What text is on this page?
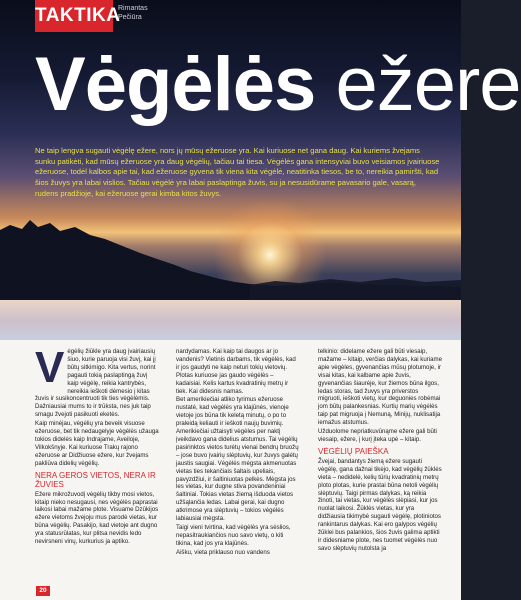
TAKTIKA
Rimantas
Pečiūra
Vėgėlės ežere
Ne taip lengva sugauti vėgėlę ežere, nors jų mūsų ežeruose yra. Kai kuriuose net gana daug. Kai kuriems žvejams sunku patikėti, kad mūsų ežeruose yra daug vėgėlių, tačiau tai tiesa. Vėgėlės gana intensyviai buvo veisiamos įvairiuose ežeruose, todėl kalbos apie tai, kad ežeruose gyvena tik viena kita vėgėlė, neatitinka tiesos, be to, nereikia pamiršti, kad šios žuvys yra labai vislios. Tačiau vėgėlė yra labai paslaptinga žuvis, su ja nesusidūrame pavasario gale, vasarą, rudens pradžioje, kai ežeruose gerai kimba kitos žuvys.

Vėgėlių žiūkle yra daug įvairiausių šiuo, kurie paruoja visi žuvį, kai jį būtų sitkimigo. Kita vertus, norint pagauti tokią paslaptingą žuvį kaip vėgėlę, reikia kantrybės, nereikia ieškoti dėmesio į kitas žuvis ir susikoncentruoti tik ties vėgėlėmis. Dažniausiai mums to ir trūksta, nes juk taip smagu žvejoti pasikuoti eketės.

Kaip minėjau, vėgėlių yra beveik visuose ežeruose, bet tik nedaugelyje vėgėlės užauga tokios didelės kaip Indrajame, Aveiloje, Vilkokšnyje. Kai kuriuose Trakų rajono ežeruose ar Didžiuose ežere, kur žvejams pakliūva didelių vėgėlių.

NERA GEROS VIETOS, NERA IR ŽUVIES

Ežere mikrožuvodį vėgėlių tikby mosi vietos, kitaip nieko nesugausi, nes vėgėlės paprastai laikosi labai mažame plote. Visuame Dzūkijos ežere vietoms žvejoju mus parodė vietas, kur būna vėgėlių. Pasakijo, kad vietoje ant dugno yra statusrūlatas, kur plitsa nevidis ledo nevirsneni vinų, kurkurius ja aptiko.

nardydamas. Kai kaip tai daugos ar jo vandenis? Vietinis darbams, tik vėgėlės, kad ir jos gaudyti ne kaip neturi tokių vietovių. Plotas kuriuose jas gaudo vėgėlės – kadaisiai. Kelis kartus kvadratinių metrų ir tiek. Kai didesnis namas.

Bet amerikiečiai atliko tyrimus ežeruose nustatė, kad vėgėlės yra klajūnės, vienoje vietoje jos būna tik keletą minutų, o po to praleidą keliauti ir ieškoti naujų buvimių. Amerikiečiai užtaisyti vėgėles per naktį įveikdavo gana didelius atstumus. Tai vėgėlių pasirinktos vietos turėtų vienai bendrų bruožų – jose buvo įvairių slėptuvių, kur žuvys galėtų jaustis saugiai. Vėgėlės mėgsta akmenuotas vietas ties tekančiais šaltais upeliais, pavyzdžiui, ir šaltiniuotas pelkės. Mėgsta jos les vietas, kur dugne stiva povandeniniai šaltiniai. Tokias vietas žiemą išduoda vietos užšąlančia ledas. Labai gerai, kai dugno atkrimose yra slėptuvių – tokios vėgėlės labiausiai mėgsta.

Taigi vieni tvirtina, kad vėgėlės yra sėslios, nepasitraukiančios nuo savo vietų, o kiti tikina, kad jos yra klajūnės.

Aišku, vieta priklauso nuo vandens

telkinio: didelame ežere gali būti viesaip, mažame – kitaip, verčias dalykas, kai kuriame apie vėgėles, gyvenančias mūsų plotumoje, ir visai kitas, kai kalbame apie žuvis, gyvenančias šiaurėje, kur žiemos būna ilgos, ledas storas, tad žuvys yra priverstos migruoti, ieškoti vietų, kur deguonies robėmai jom būtų palankesnias. Kurtių marių vėgėlės taip pat migruoja į Nemuną, Minijų, nuklisatija iemažus atstumus.

Užduolome nepriatkuvūnąme ežere gali būti viesaip, ežere, į kurį įteka upė – kitaip.

VĖGĖLIŲ PAIEŠKA

Žvejai, bandantys žiemą ežere sugauti vėgėlę, gana dažnai tikėjo, kad vėgėlių žūklės vieta – nedidelė, kelių tūrių kvadratinių metrų ploto plotas, kurie prastai būna netoli vėgėlių slėptuvių. Taigi pirmas dalykas, ką reikia žinoti, tai vietas, kur vėgėlės slėpiasi, kur jos nuolat laikosi. Žūklės vietas, kur yra didžiausia tikimybė sugauti vėgėlę, plotiniotos rankintarus dalykas. Kai ero galypos vėgėlių žūklei bus palankios, šios žuvis galima aptikti ir didesniame plote, nes tuomet vėgėlės nuo savo slėptuvių nutolsta ja

20
